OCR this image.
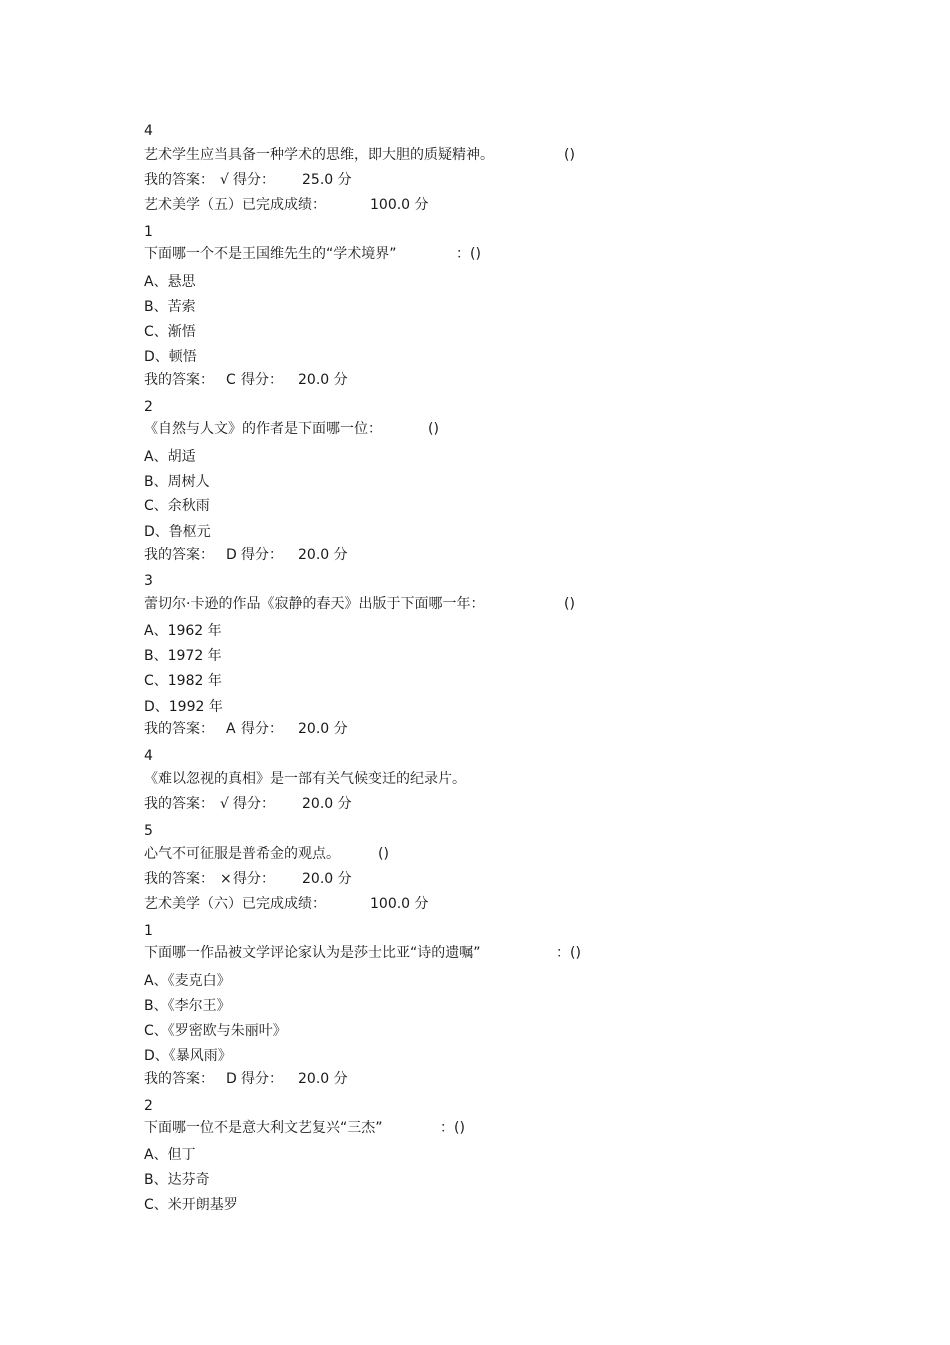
4
艺术学生应当具备一种学术的思维，即大胆的质疑精神。	()
我的答案： √ 得分： 25.0 分
艺术美学（五）已完成成绩：	100.0 分
1
下面哪一个不是王国维先生的“学术境界”	：()
A、悬思
B、苦索
C、渐悟
D、顿悟
我的答案： C 得分： 20.0 分
2
《自然与人文》的作者是下面哪一位：	()
A、胡适
B、周树人
C、余秋雨
D、鲁枢元
我的答案： D 得分： 20.0 分
3
蕾切尔·卡逊的作品《寂静的春天》出版于下面哪一年：	()
A、1962 年
B、1972 年
C、1982 年
D、1992 年
我的答案： A 得分： 20.0 分
4
《难以忽视的真相》是一部有关气候变迁的纪录片。
我的答案： √ 得分： 20.0 分
5
心气不可征服是普希金的观点。	()
我的答案： × 得分： 20.0 分
艺术美学（六）已完成成绩：	100.0 分
1
下面哪一作品被文学评论家认为是莎士比亚“诗的遗嘱”	：()
A、《麦克白》
B、《李尔王》
C、《罗密欧与朱丽叶》
D、《暴风雨》
我的答案： D 得分： 20.0 分
2
下面哪一位不是意大利文艺复兴“三杰”	：()
A、但丁
B、达芬奇
C、米开朗基罗
